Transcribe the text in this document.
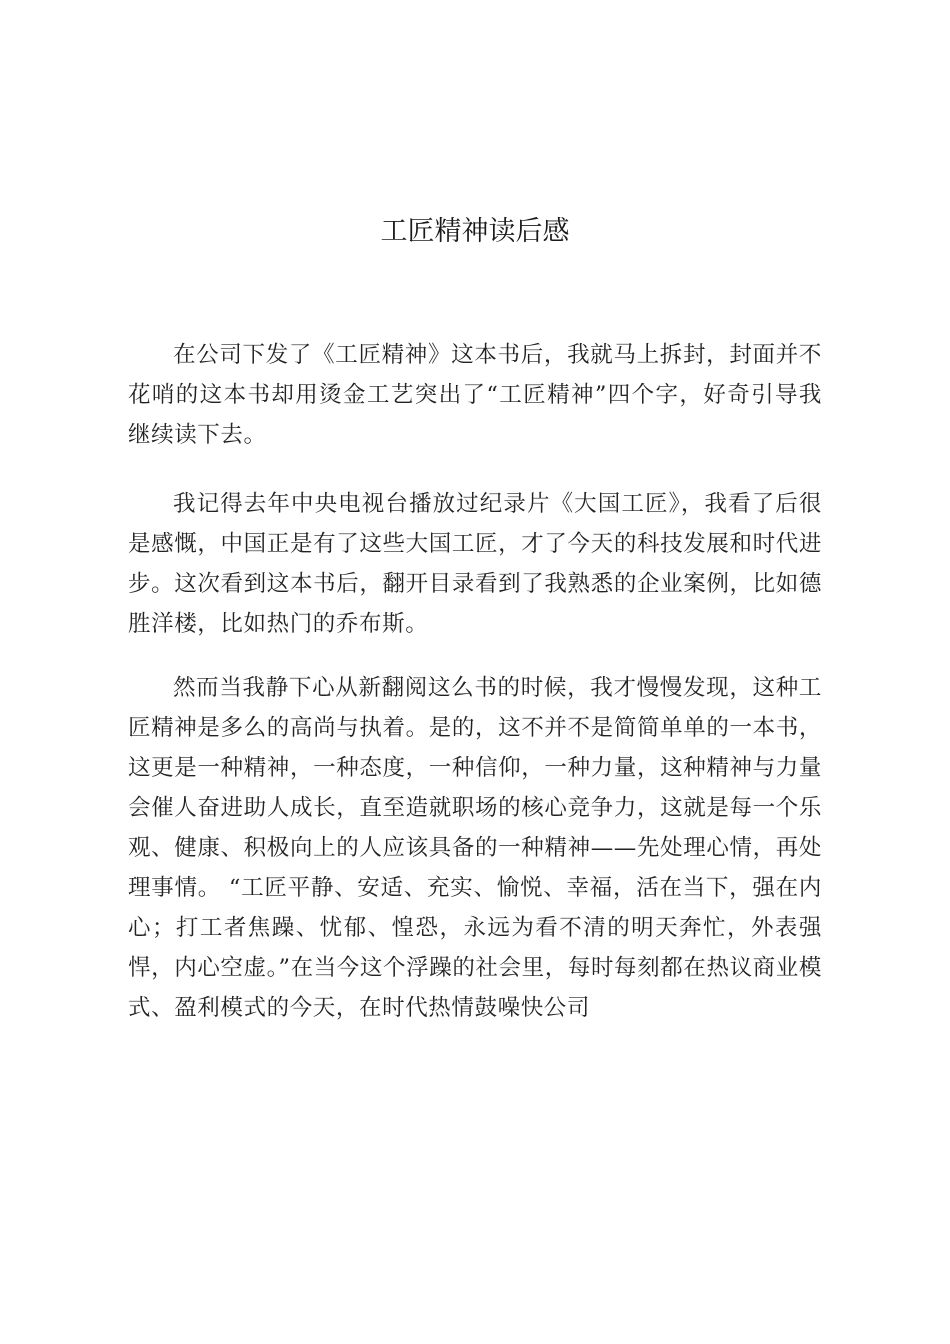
工匠精神读后感

在公司下发了《工匠精神》这本书后，我就马上拆封，封面并不花哨的这本书却用烫金工艺突出了“工匠精神”四个字，好奇引导我继续读下去。

我记得去年中央电视台播放过纪录片《大国工匠》，我看了后很是感慨，中国正是有了这些大国工匠，才了今天的科技发展和时代进步。这次看到这本书后，翻开目录看到了我熟悉的企业案例，比如德胜洋楼，比如热门的乔布斯。

然而当我静下心从新翻阅这么书的时候，我才慢慢发现，这种工匠精神是多么的高尚与执着。是的，这不并不是简简单单的一本书，这更是一种精神，一种态度，一种信仰，一种力量，这种精神与力量会催人奋进助人成长，直至造就职场的核心竞争力，这就是每一个乐观、健康、积极向上的人应该具备的一种精神——先处理心情，再处理事情。 “工匠平静、安适、充实、愉悦、幸福，活在当下，强在内心；打工者焦躁、忧郁、惶恐，永远为看不清的明天奔忙，外表强悍，内心空虚。”在当今这个浮躁的社会里，每时每刻都在热议商业模式、盈利模式的今天，在时代热情鼓噪快公司
